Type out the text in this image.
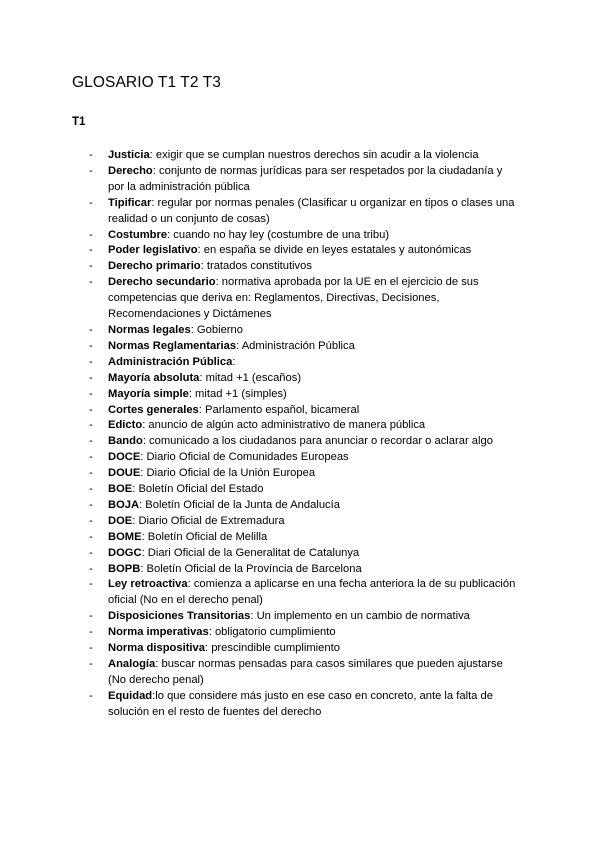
GLOSARIO T1 T2 T3
T1
- Justicia: exigir que se cumplan nuestros derechos sin acudir a la violencia
- Derecho: conjunto de normas jurídicas para ser respetados por la ciudadanía y por la administración pública
- Tipificar: regular por normas penales (Clasificar u organizar en tipos o clases una realidad o un conjunto de cosas)
- Costumbre: cuando no hay ley (costumbre de una tribu)
- Poder legislativo: en españa se divide en leyes estatales y autonómicas
- Derecho primario: tratados constitutivos
- Derecho secundario: normativa aprobada por la UE en el ejercicio de sus competencias que deriva en: Reglamentos, Directivas, Decisiones, Recomendaciones y Dictámenes
- Normas legales: Gobierno
- Normas Reglamentarias: Administración Pública
- Administración Pública:
- Mayoría absoluta: mitad +1 (escaños)
- Mayoría simple: mitad +1 (simples)
- Cortes generales: Parlamento español, bicameral
- Edicto: anuncio de algún acto administrativo de manera pública
- Bando: comunicado a los ciudadanos para anunciar o recordar o aclarar algo
- DOCE: Diario Oficial de Comunidades Europeas
- DOUE: Diario Oficial de la Unión Europea
- BOE: Boletín Oficial del Estado
- BOJA: Boletín Oficial de la Junta de Andalucía
- DOE: Diario Oficial de Extremadura
- BOME: Boletín Oficial de Melilla
- DOGC: Diari Oficial de la Generalitat de Catalunya
- BOPB: Boletín Oficial de la Província de Barcelona
- Ley retroactiva: comienza a aplicarse en una fecha anteriora la de su publicación oficial (No en el derecho penal)
- Disposiciones Transitorias: Un implemento en un cambio de normativa
- Norma imperativas: obligatorio cumplimiento
- Norma dispositiva: prescindible cumplimiento
- Analogía: buscar normas pensadas para casos similares que pueden ajustarse (No derecho penal)
- Equidad:lo que considere más justo en ese caso en concreto, ante la falta de solución en el resto de fuentes del derecho
